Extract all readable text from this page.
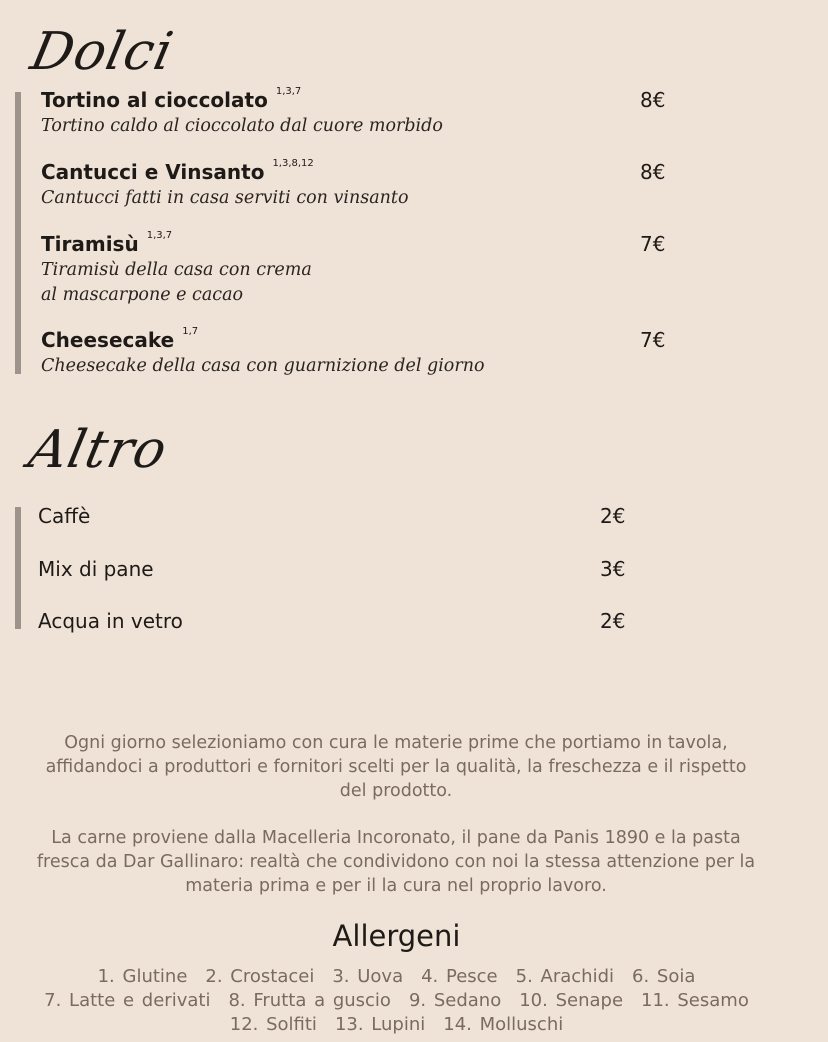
Dolci
Tortino al cioccolato $^{1,3,7}$
Tortino caldo al cioccolato dal cuore morbido
8€
Cantucci e Vinsanto $^{1,3,8,12}$
Cantucci fatti in casa serviti con vinsanto
8€
Tiramisù $^{1,3,7}$
Tiramisù della casa con crema al mascarpone e cacao
7€
Cheesecake $^{1,7}$
Cheesecake della casa con guarnizione del giorno
7€
Altro
Caffè	2€
Mix di pane	3€
Acqua in vetro	2€
Ogni giorno selezioniamo con cura le materie prime che portiamo in tavola, affidandoci a produttori e fornitori scelti per la qualità, la freschezza e il rispetto del prodotto.
La carne proviene dalla Macelleria Incoronato, il pane da Panis 1890 e la pasta fresca da Dar Gallinaro: realtà che condividono con noi la stessa attenzione per la materia prima e per il la cura nel proprio lavoro.
Allergeni
1. Glutine 2. Crostacei 3. Uova 4. Pesce 5. Arachidi 6. Soia
7. Latte e derivati 8. Frutta a guscio 9. Sedano 10. Senape 11. Sesamo
12. Solfiti 13. Lupini 14. Molluschi
